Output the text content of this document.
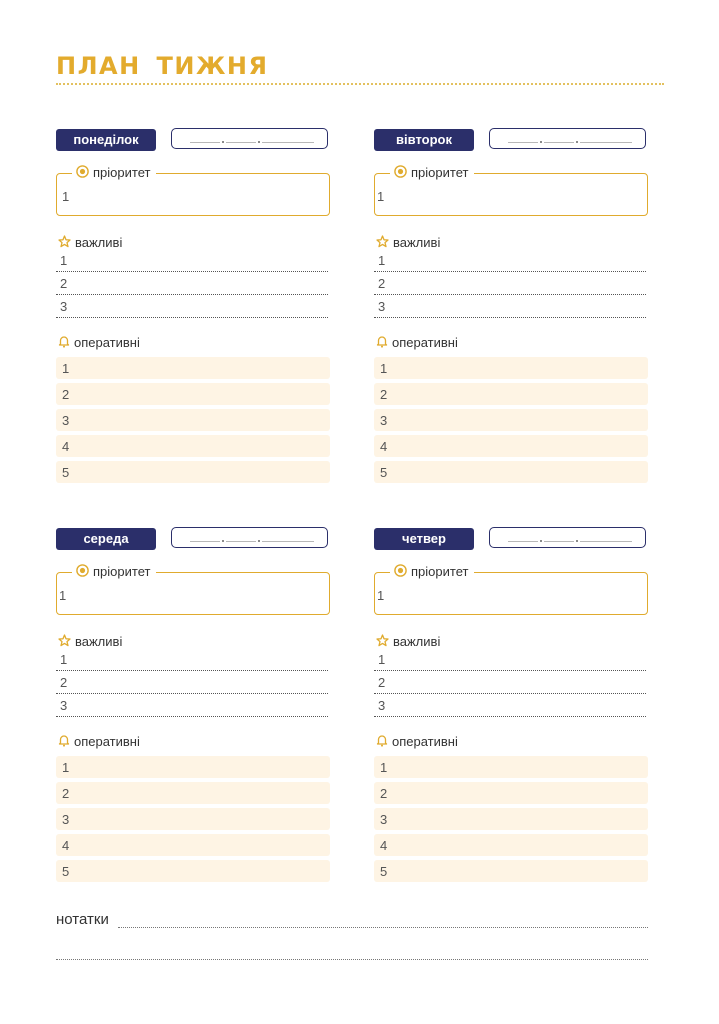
ПЛАН ТИЖНЯ
понеділок
пріоритет
1
важливі
1
2
3
оперативні
1
2
3
4
5
вівторок
пріоритет
1
важливі
1
2
3
оперативні
1
2
3
4
5
середа
пріоритет
1
важливі
1
2
3
оперативні
1
2
3
4
5
четвер
пріоритет
1
важливі
1
2
3
оперативні
1
2
3
4
5
нотатки
